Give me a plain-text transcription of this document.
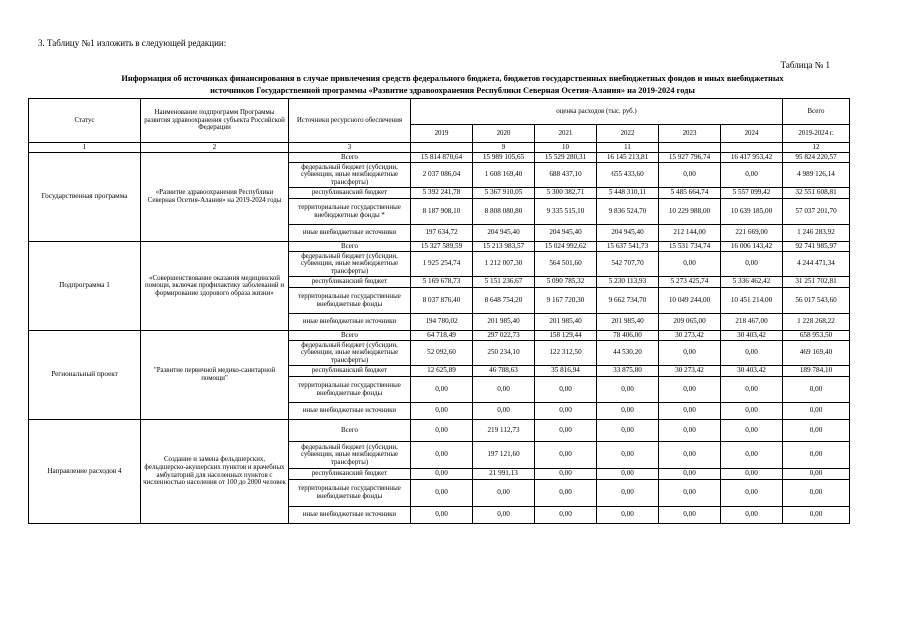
3. Таблицу №1 изложить в следующей редакции:
Таблица № 1
Информация об источниках финансирования в случае привлечения средств федерального бюджета, бюджетов государственных внебюджетных фондов и иных внебюджетных
источников Государственной программы «Развитие здравоохранения Республики Северная Осетия-Алания» на 2019-2024 годы
Статус	Наименование подпрограмм Программы развития здравоохранения субъекта Российской Федерации	Источники ресурсного обеспечения	оценка расходов (тыс. руб.)						Всего
			2019	2020	2021	2022	2023	2024	2019-2024 г.
1	2	3		9	10	11			12
Государственная программа	«Развитие здравоохранения Республики Северная Осетия-Алания» на 2019-2024 годы	Всего	15 814 870,64	15 989 105,65	15 529 280,31	16 145 213,81	15 927 796,74	16 417 953,42	95 824 220,57
		федеральный бюджет (субсидии, субвенции, иные межбюджетные трансферты)	2 037 086,04	1 608 169,40	688 437,10	655 433,60	0,00	0,00	4 989 126,14
		республиканский бюджет	5 392 241,78	5 367 910,05	5 300 382,71	5 448 310,11	5 485 664,74	5 557 099,42	32 551 608,81
		территориальные государственные внебюджетные фонды *	8 187 908,10	8 808 080,80	9 335 515,10	9 836 524,70	10 229 988,00	10 639 185,00	57 037 201,70
		иные внебюджетные источники	197 634,72	204 945,40	204 945,40	204 945,40	212 144,00	221 669,00	1 246 283,92
Подпрограмма 1	«Совершенствование оказания медицинской помощи, включая профилактику заболеваний и формирование здорового образа жизни»	Всего	15 327 589,59	15 213 983,57	15 024 992,62	15 637 541,73	15 531 734,74	16 006 143,42	92 741 985,97
		федеральный бюджет (субсидии, субвенции, иные межбюджетные трансферты)	1 925 254,74	1 212 007,30	564 501,60	542 707,70	0,00	0,00	4 244 471,34
		республиканский бюджет	5 169 678,73	5 151 236,67	5 090 785,32	5 230 113,93	5 273 425,74	5 336 462,42	31 251 702,81
		территориальные государственные внебюджетные фонды	8 037 876,40	8 648 754,20	9 167 720,30	9 662 734,70	10 049 244,00	10 451 214,00	56 017 543,60
		иные внебюджетные источники	194 780,02	201 985,40	201 985,40	201 985,40	209 065,00	218 467,00	1 228 268,22
Региональный проект	"Развитие первичной медико-санитарной помощи"	Всего	64 718,49	297 022,73	158 129,44	78 406,00	30 273,42	30 403,42	658 953,50
		федеральный бюджет (субсидии, субвенции, иные межбюджетные трансферты)	52 092,60	250 234,10	122 312,50	44 530,20	0,00	0,00	469 169,40
		республиканский бюджет	12 625,89	46 788,63	35 816,94	33 875,80	30 273,42	30 403,42	189 784,10
		территориальные государственные внебюджетные фонды	0,00	0,00	0,00	0,00	0,00	0,00	0,00
		иные внебюджетные источники	0,00	0,00	0,00	0,00	0,00	0,00	0,00
Направление расходов 4	Создание и замена фельдшерских, фельдшерско-акушерских пунктов и врачебных амбулаторий для населенных пунктов с численностью населения от 100 до 2000 человек	Всего	0,00	219 112,73	0,00	0,00	0,00	0,00	0,00
		федеральный бюджет (субсидии, субвенции, иные межбюджетные трансферты)	0,00	197 121,60	0,00	0,00	0,00	0,00	0,00
		республиканский бюджет	0,00	21 991,13	0,00	0,00	0,00	0,00	0,00
		территориальные государственные внебюджетные фонды	0,00	0,00	0,00	0,00	0,00	0,00	0,00
		иные внебюджетные источники	0,00	0,00	0,00	0,00	0,00	0,00	0,00
